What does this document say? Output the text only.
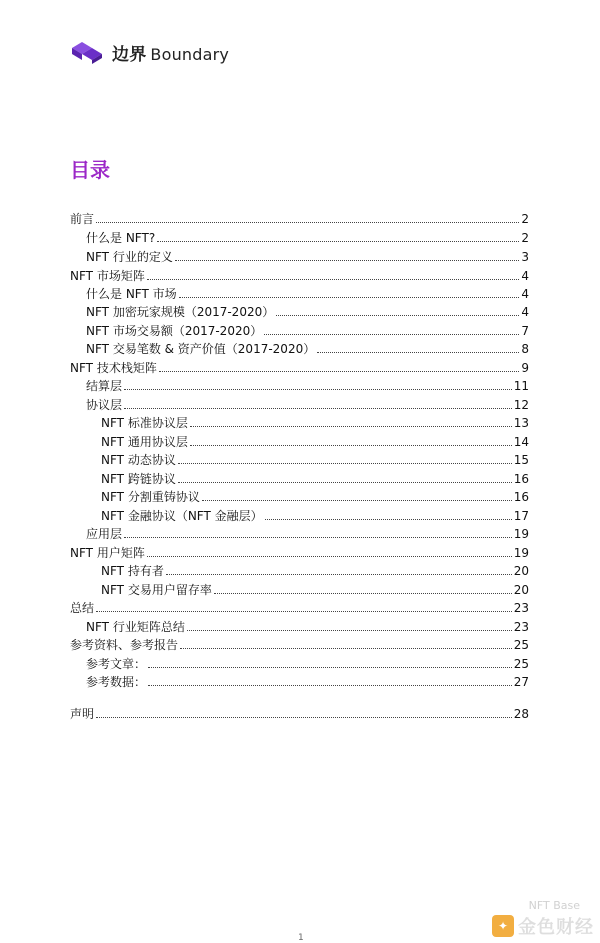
边界 Boundary
目录
前言	2
什么是 NFT?	2
NFT 行业的定义	3
NFT 市场矩阵	4
什么是 NFT 市场	4
NFT 加密玩家规模（2017-2020）	4
NFT 市场交易额（2017-2020）	7
NFT 交易笔数 & 资产价值（2017-2020）	8
NFT 技术栈矩阵	9
结算层	11
协议层	12
NFT 标准协议层	13
NFT 通用协议层	14
NFT 动态协议	15
NFT 跨链协议	16
NFT 分割重铸协议	16
NFT 金融协议（NFT 金融层）	17
应用层	19
NFT 用户矩阵	19
NFT 持有者	20
NFT 交易用户留存率	20
总结	23
NFT 行业矩阵总结	23
参考资料、参考报告	25
参考文章：	25
参考数据：	27
声明	28
NFT Base
✦ 金色财经
1
